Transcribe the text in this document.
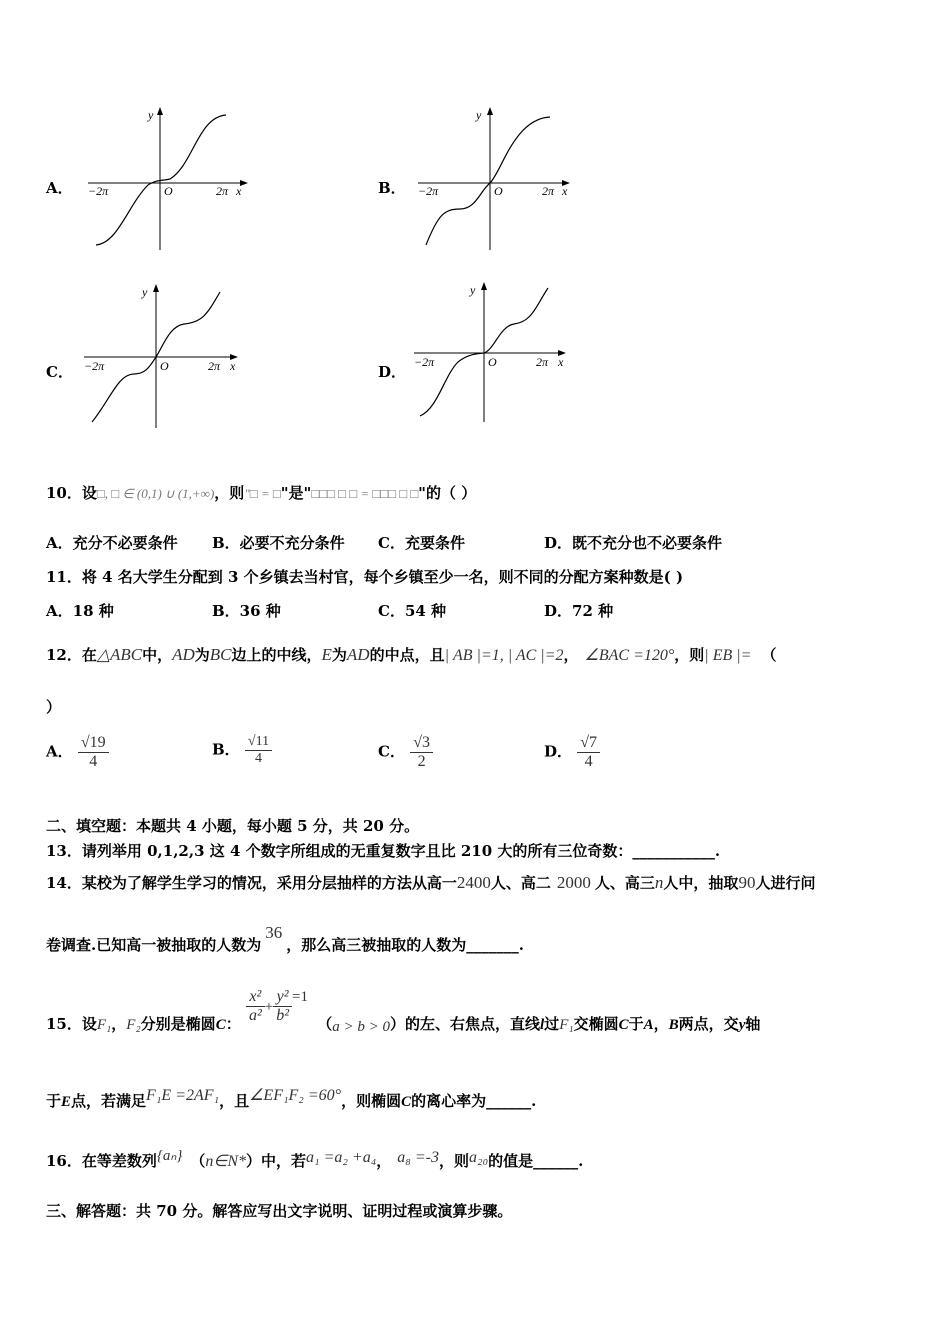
A． −2π	2π x
y
O	B． −2π	2π x
y
O
C． −2π	2π x
y
O	D．
−2π	2π x
y
O
10．设□, □ ∈ (0,1) ∪ (1,+∞)，则"□ = □"是"□□□ □ □ = □□□ □ □"的（ ）
A．充分不必要条件 B．必要不充分条件 C．充要条件	D．既不充分也不必要条件
11．将 4 名大学生分配到 3 个乡镇去当村官，每个乡镇至少一名，则不同的分配方案种数是( )
A．18 种	B．36 种	C．54 种	D．72 种
12．在△ABC中，AD为BC边上的中线，E为AD的中点，且| AB |=1, | AC |=2， ∠BAC =120°，则| EB |= （
）
A． $\frac{√19}{4}$	B． $\frac{√11}{4}$	C． $\frac{√3}{2}$	D． $\frac{√7}{4}$
二、填空题：本题共 4 小题，每小题 5 分，共 20 分。
13．请列举用 0,1,2,3 这 4 个数字所组成的无重复数字且比 210 大的所有三位奇数：___________.
14．某校为了解学生学习的情况，采用分层抽样的方法从高一2400人、高二 2000 人、高三n人中，抽取90人进行问
卷调查.已知高一被抽取的人数为36，那么高三被抽取的人数为_______.
15．设F₁，F₂分别是椭圆C： $\frac{\text{x²}}{\text{a²}} + \frac{\text{y²}}{\text{b²}} =1$ （a > b > 0）的左、右焦点，直线l过F₁交椭圆C于A，B两点，交y轴
于E点，若满足F₁E =2AF₁，且∠EF₁F₂ =60°，则椭圆C的离心率为______.
16．在等差数列{aₙ} （n∈N*）中，若a₁ =a₂ +a₄， a₈ =-3，则a₂₀的值是______.
三、解答题：共 70 分。解答应写出文字说明、证明过程或演算步骤。
